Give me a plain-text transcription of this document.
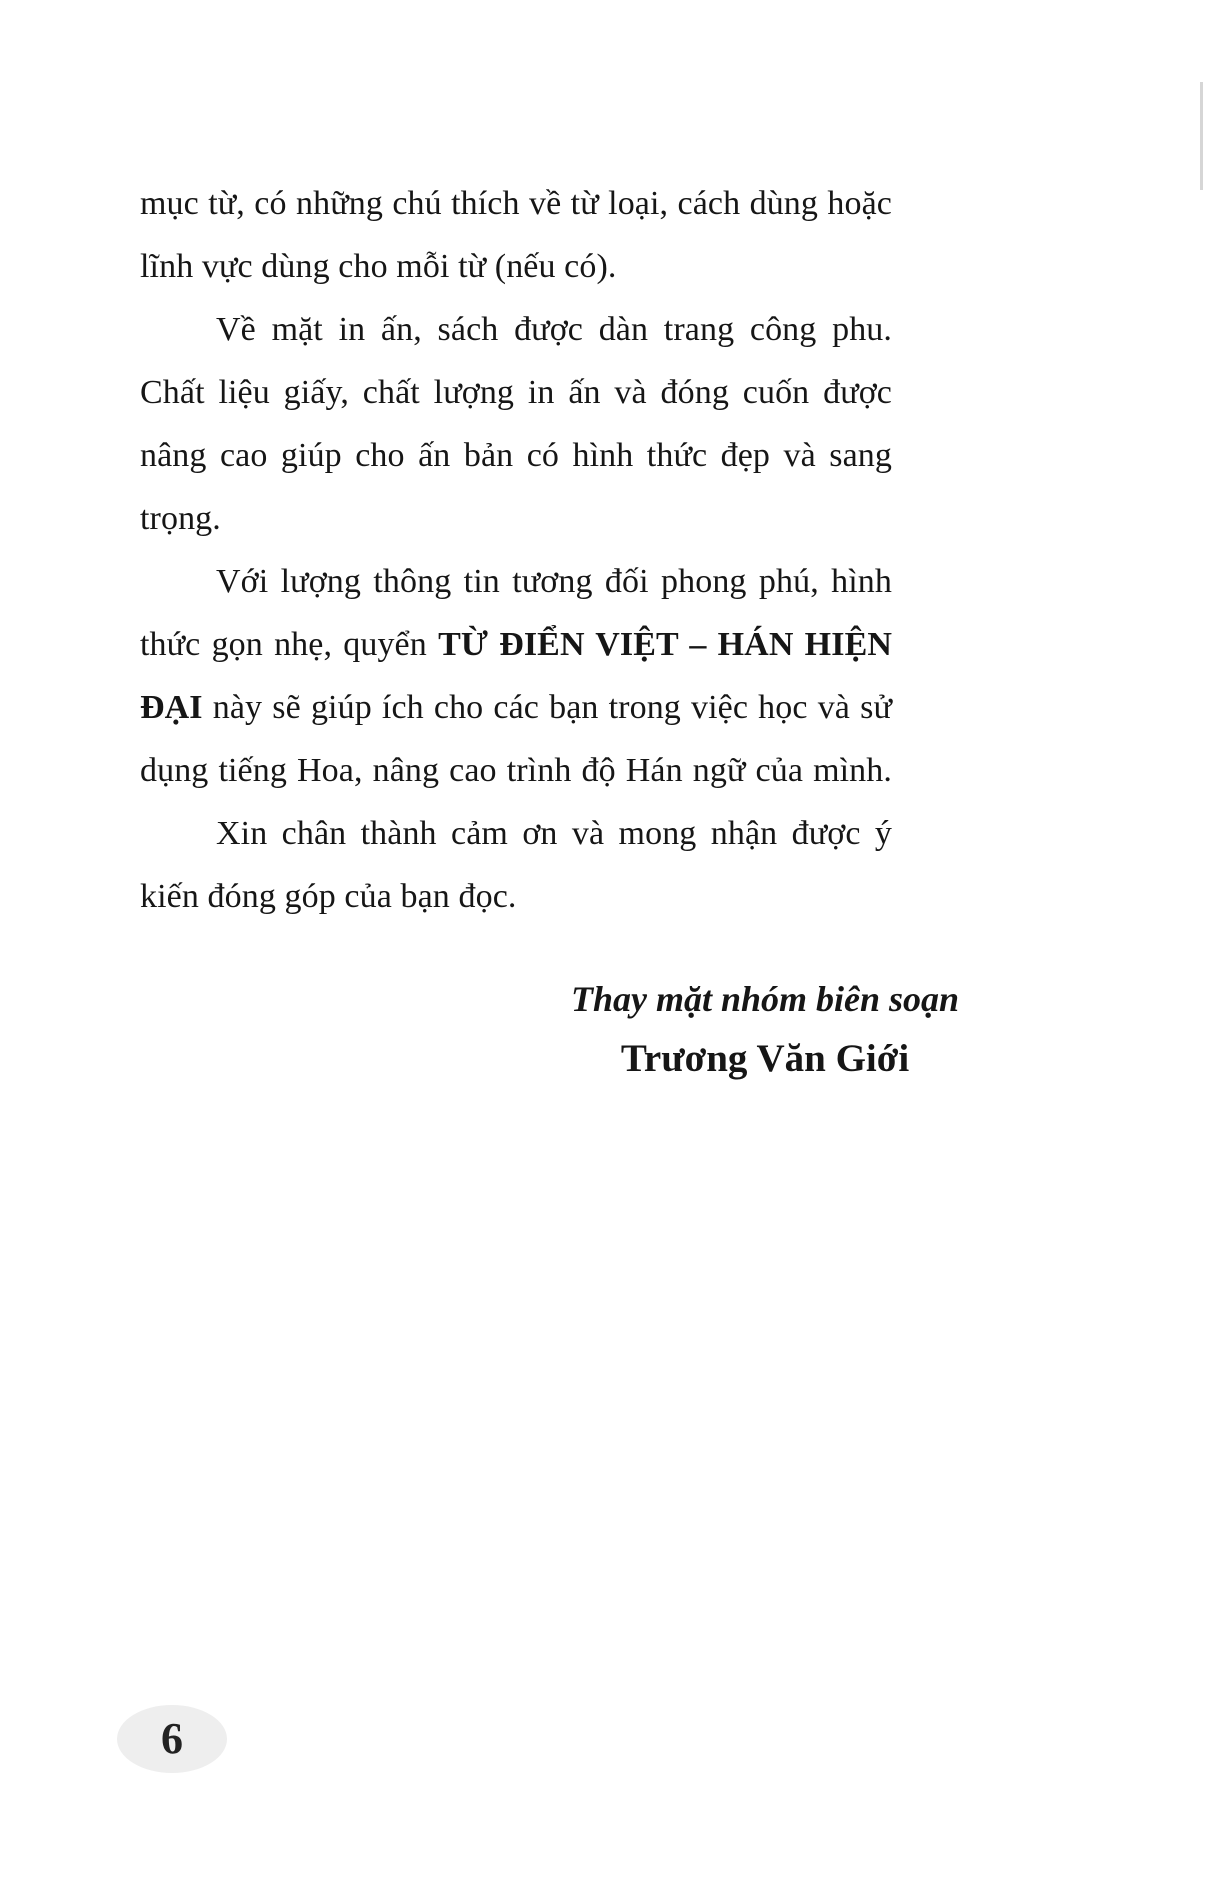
mục từ, có những chú thích về từ loại, cách dùng hoặc
lĩnh vực dùng cho mỗi từ (nếu có).
Về mặt in ấn, sách được dàn trang công phu.
Chất liệu giấy, chất lượng in ấn và đóng cuốn được
nâng cao giúp cho ấn bản có hình thức đẹp và sang
trọng.
Với lượng thông tin tương đối phong phú, hình
thức gọn nhẹ, quyển TỪ ĐIỂN VIỆT – HÁN HIỆN
ĐẠI này sẽ giúp ích cho các bạn trong việc học và sử
dụng tiếng Hoa, nâng cao trình độ Hán ngữ của mình.
Xin chân thành cảm ơn và mong nhận được ý
kiến đóng góp của bạn đọc.
Thay mặt nhóm biên soạn
Trương Văn Giới
6
